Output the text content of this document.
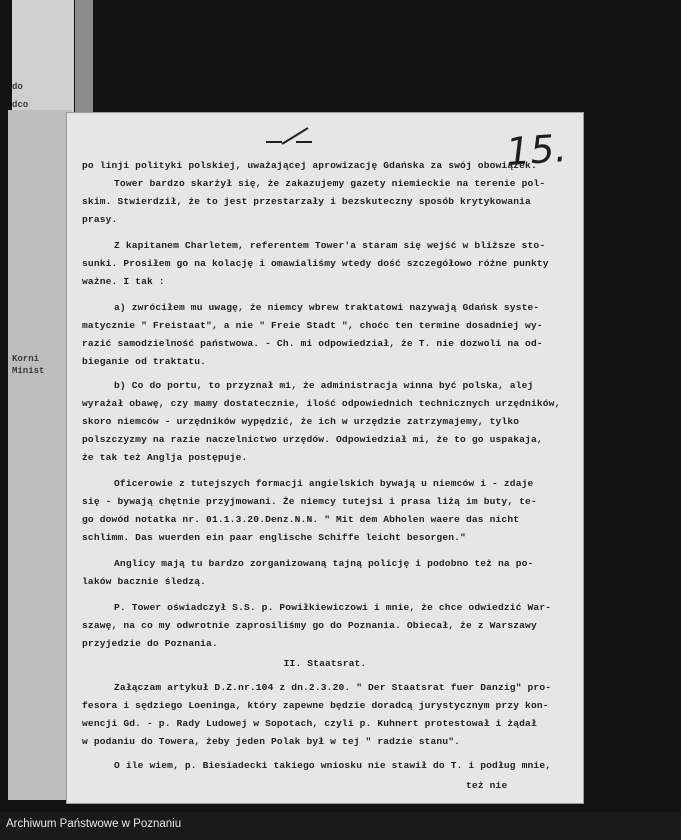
do
dco
Korni
Minist
15.
po linji polityki polskiej, uważającej aprowizację Gdańska za swój obowiązek.
Tower bardzo skarżył się, że zakazujemy gazety niemieckie na terenie pol-
skim. Stwierdził, że to jest przestarzały i bezskuteczny sposób krytykowania
prasy.
Z kapitanem Charletem, referentem Tower'a staram się wejść w bliższe sto-
sunki. Prosiłem go na kolację i omawialiśmy wtedy dość szczegółowo różne punkty
ważne. I tak :
a) zwróciłem mu uwagę, że niemcy wbrew traktatowi nazywają Gdańsk syste-
matycznie " Freistaat", a nie " Freie Stadt ", choćc ten termine dosadniej wy-
razić samodzielność państwowa. - Ch. mi odpowiedział, że T. nie dozwoli na od-
bieganie od traktatu.
b) Co do portu, to przyznał mi, że administracja winna być polska, alej
wyrażał obawę, czy mamy dostatecznie, ilość odpowiednich technicznych urzędników,
skoro niemców - urzędników wypędzić, że ich w urzędzie zatrzymajemy, tylko
polszczyzmy na razie naczelnictwo urzędów. Odpowiedział mi, że to go uspakaja,
że tak też Anglja postępuje.
Oficerowie z tutejszych formacji angielskich bywają u niemców i - zdaje
się - bywają chętnie przyjmowani. Że niemcy tutejsi i prasa liżą im buty, te-
go dowód notatka nr. 01.1.3.20.Denz.N.N. " Mit dem Abholen waere das nicht
schlimm. Das wuerden ein paar englische Schiffe leicht besorgen."
Anglicy mają tu bardzo zorganizowaną tajną policję i podobno też na po-
laków bacznie śledzą.
P. Tower oświadczył S.S. p. Powiłkiewiczowi i mnie, że chce odwiedzić War-
szawę, na co my odwrotnie zaprosiliśmy go do Poznania. Obiecał, że z Warszawy
przyjedzie do Poznania.
II. Staatsrat.
Załączam artykuł D.Z.nr.104 z dn.2.3.20. " Der Staatsrat fuer Danzig" pro-
fesora i sędziego Loeninga, który zapewne będzie doradcą jurystycznym przy kon-
wencji Gd. - p. Rady Ludowej w Sopotach, czyli p. Kuhnert protestował i żądał
w podaniu do Towera, żeby jeden Polak był w tej " radzie stanu".
O ile wiem, p. Biesiadecki takiego wniosku nie stawił do T. i podług mnie,
też nie
Archiwum Państwowe w Poznaniu
